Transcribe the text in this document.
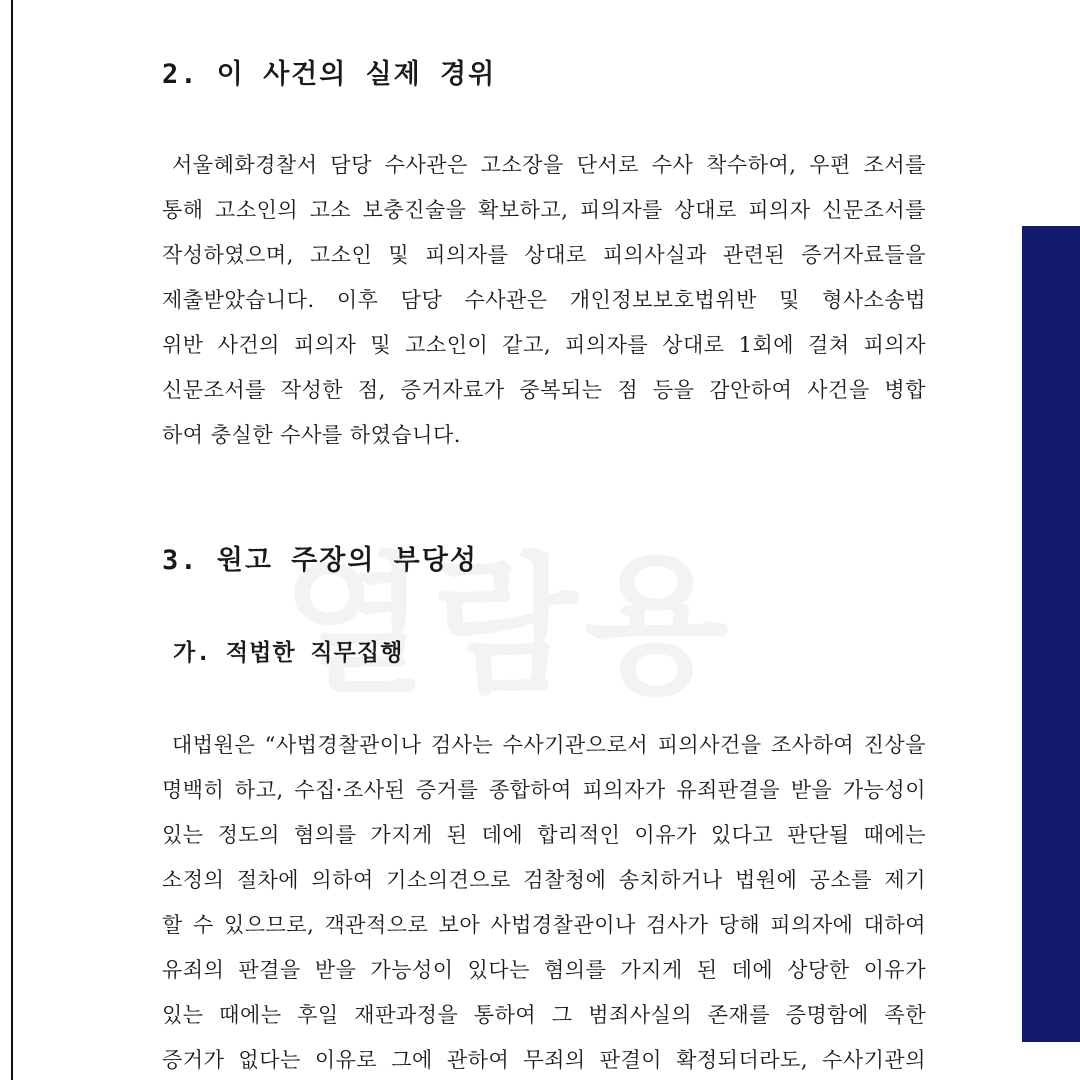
2. 이 사건의 실제 경위
서울혜화경찰서 담당 수사관은 고소장을 단서로 수사 착수하여, 우편 조서를
통해 고소인의 고소 보충진술을 확보하고, 피의자를 상대로 피의자 신문조서를
작성하였으며, 고소인 및 피의자를 상대로 피의사실과 관련된 증거자료들을
제출받았습니다. 이후 담당 수사관은 개인정보보호법위반 및 형사소송법
위반 사건의 피의자 및 고소인이 같고, 피의자를 상대로 1회에 걸쳐 피의자
신문조서를 작성한 점, 증거자료가 중복되는 점 등을 감안하여 사건을 병합
하여 충실한 수사를 하였습니다.
3. 원고 주장의 부당성
가. 적법한 직무집행
대법원은 “사법경찰관이나 검사는 수사기관으로서 피의사건을 조사하여 진상을
명백히 하고, 수집·조사된 증거를 종합하여 피의자가 유죄판결을 받을 가능성이
있는 정도의 혐의를 가지게 된 데에 합리적인 이유가 있다고 판단될 때에는
소정의 절차에 의하여 기소의견으로 검찰청에 송치하거나 법원에 공소를 제기
할 수 있으므로, 객관적으로 보아 사법경찰관이나 검사가 당해 피의자에 대하여
유죄의 판결을 받을 가능성이 있다는 혐의를 가지게 된 데에 상당한 이유가
있는 때에는 후일 재판과정을 통하여 그 범죄사실의 존재를 증명함에 족한
증거가 없다는 이유로 그에 관하여 무죄의 판결이 확정되더라도, 수사기관의
